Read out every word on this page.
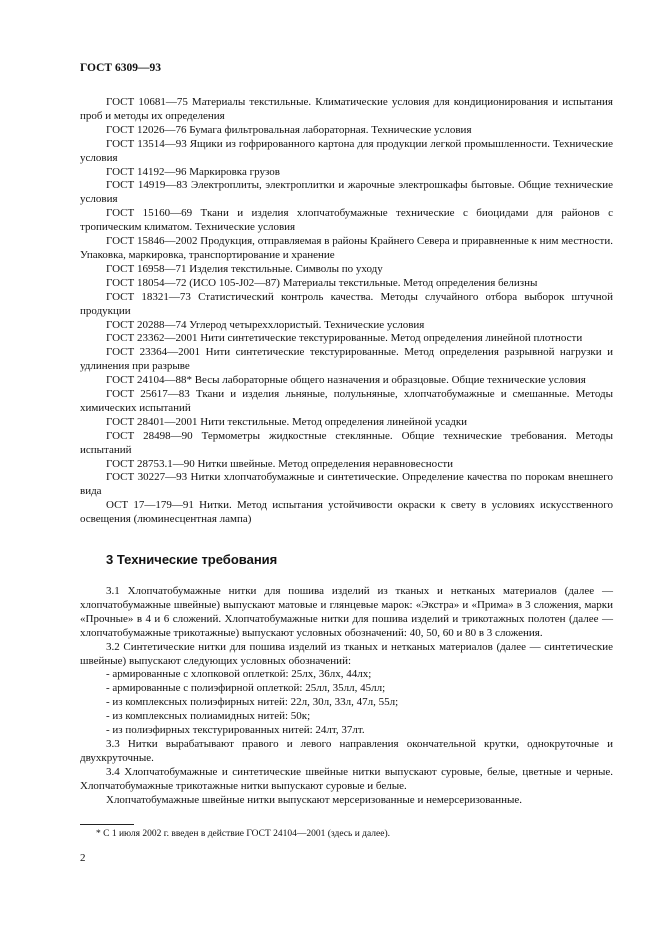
ГОСТ 6309—93

ГОСТ 10681—75 Материалы текстильные. Климатические условия для кондиционирования и испытания проб и методы их определения

ГОСТ 12026—76 Бумага фильтровальная лабораторная. Технические условия

ГОСТ 13514—93 Ящики из гофрированного картона для продукции легкой промышленности. Технические условия

ГОСТ 14192—96 Маркировка грузов

ГОСТ 14919—83 Электроплиты, электроплитки и жарочные электрошкафы бытовые. Общие технические условия

ГОСТ 15160—69 Ткани и изделия хлопчатобумажные технические с биоцидами для районов с тропическим климатом. Технические условия

ГОСТ 15846—2002 Продукция, отправляемая в районы Крайнего Севера и приравненные к ним местности. Упаковка, маркировка, транспортирование и хранение

ГОСТ 16958—71 Изделия текстильные. Символы по уходу

ГОСТ 18054—72 (ИСО 105-J02—87) Материалы текстильные. Метод определения белизны

ГОСТ 18321—73 Статистический контроль качества. Методы случайного отбора выборок штучной продукции

ГОСТ 20288—74 Углерод четыреххлористый. Технические условия

ГОСТ 23362—2001 Нити синтетические текстурированные. Метод определения линейной плотности

ГОСТ 23364—2001 Нити синтетические текстурированные. Метод определения разрывной нагрузки и удлинения при разрыве

ГОСТ 24104—88* Весы лабораторные общего назначения и образцовые. Общие технические условия

ГОСТ 25617—83 Ткани и изделия льняные, полульняные, хлопчатобумажные и смешанные. Методы химических испытаний

ГОСТ 28401—2001 Нити текстильные. Метод определения линейной усадки

ГОСТ 28498—90 Термометры жидкостные стеклянные. Общие технические требования. Методы испытаний

ГОСТ 28753.1—90 Нитки швейные. Метод определения неравновесности

ГОСТ 30227—93 Нитки хлопчатобумажные и синтетические. Определение качества по порокам внешнего вида

ОСТ 17—179—91 Нитки. Метод испытания устойчивости окраски к свету в условиях искусственного освещения (люминесцентная лампа)

3 Технические требования

3.1 Хлопчатобумажные нитки для пошива изделий из тканых и нетканых материалов (далее — хлопчатобумажные швейные) выпускают матовые и глянцевые марок: «Экстра» и «Прима» в 3 сложения, марки «Прочные» в 4 и 6 сложений. Хлопчатобумажные нитки для пошива изделий и трикотажных полотен (далее — хлопчатобумажные трикотажные) выпускают условных обозначений: 40, 50, 60 и 80 в 3 сложения.

3.2 Синтетические нитки для пошива изделий из тканых и нетканых материалов (далее — синтетические швейные) выпускают следующих условных обозначений:

- армированные с хлопковой оплеткой: 25лх, 36лх, 44лх;

- армированные с полиэфирной оплеткой: 25лл, 35лл, 45лл;

- из комплексных полиэфирных нитей: 22л, 30л, 33л, 47л, 55л;

- из комплексных полиамидных нитей: 50к;

- из полиэфирных текстурированных нитей: 24лт, 37лт.

3.3 Нитки вырабатывают правого и левого направления окончательной крутки, однокруточные и двухкруточные.

3.4 Хлопчатобумажные и синтетические швейные нитки выпускают суровые, белые, цветные и черные. Хлопчатобумажные трикотажные нитки выпускают суровые и белые.

Хлопчатобумажные швейные нитки выпускают мерсеризованные и немерсеризованные.

* С 1 июля 2002 г. введен в действие ГОСТ 24104—2001 (здесь и далее).
2
